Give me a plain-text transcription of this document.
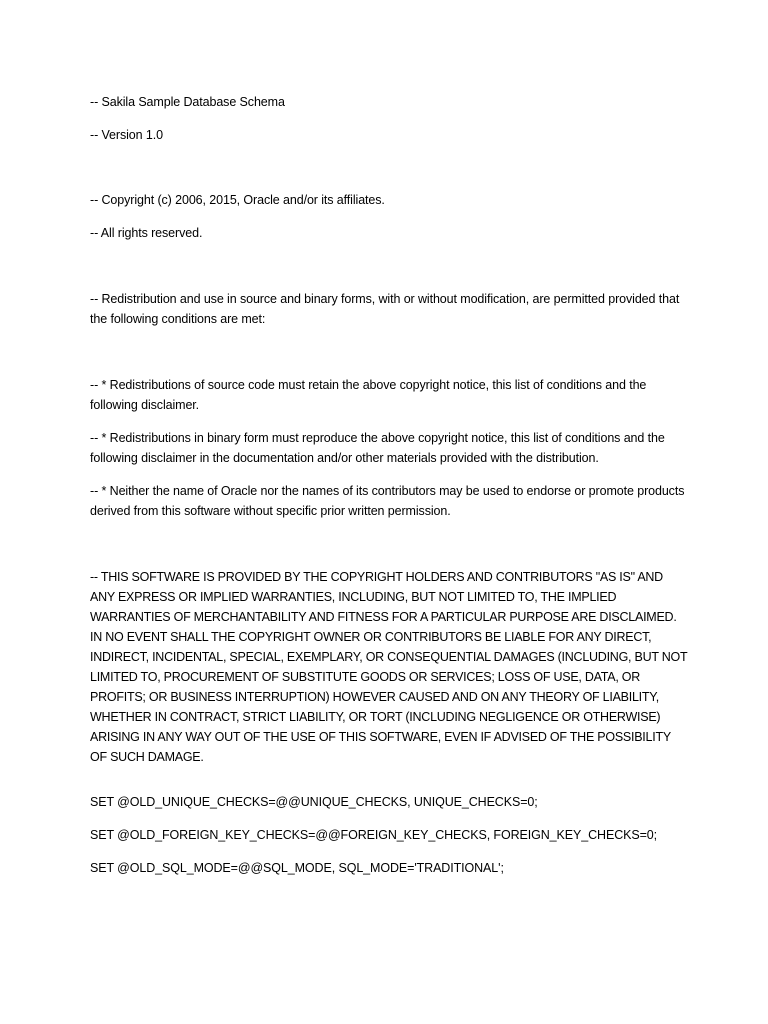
-- Sakila Sample Database Schema
-- Version 1.0
-- Copyright (c) 2006, 2015, Oracle and/or its affiliates.
-- All rights reserved.
-- Redistribution and use in source and binary forms, with or without modification, are permitted provided that the following conditions are met:
-- * Redistributions of source code must retain the above copyright notice, this list of conditions and the following disclaimer.
-- * Redistributions in binary form must reproduce the above copyright notice, this list of conditions and the following disclaimer in the documentation and/or other materials provided with the distribution.
-- * Neither the name of Oracle nor the names of its contributors may be used to endorse or promote products derived from this software without specific prior written permission.
-- THIS SOFTWARE IS PROVIDED BY THE COPYRIGHT HOLDERS AND CONTRIBUTORS "AS IS" AND ANY EXPRESS OR IMPLIED WARRANTIES, INCLUDING, BUT NOT LIMITED TO, THE IMPLIED WARRANTIES OF MERCHANTABILITY AND FITNESS FOR A PARTICULAR PURPOSE ARE DISCLAIMED. IN NO EVENT SHALL THE COPYRIGHT OWNER OR CONTRIBUTORS BE LIABLE FOR ANY DIRECT, INDIRECT, INCIDENTAL, SPECIAL, EXEMPLARY, OR CONSEQUENTIAL DAMAGES (INCLUDING, BUT NOT LIMITED TO, PROCUREMENT OF SUBSTITUTE GOODS OR SERVICES; LOSS OF USE, DATA, OR PROFITS; OR BUSINESS INTERRUPTION) HOWEVER CAUSED AND ON ANY THEORY OF LIABILITY, WHETHER IN CONTRACT, STRICT LIABILITY, OR TORT (INCLUDING NEGLIGENCE OR OTHERWISE) ARISING IN ANY WAY OUT OF THE USE OF THIS SOFTWARE, EVEN IF ADVISED OF THE POSSIBILITY OF SUCH DAMAGE.
SET @OLD_UNIQUE_CHECKS=@@UNIQUE_CHECKS, UNIQUE_CHECKS=0;
SET @OLD_FOREIGN_KEY_CHECKS=@@FOREIGN_KEY_CHECKS, FOREIGN_KEY_CHECKS=0;
SET @OLD_SQL_MODE=@@SQL_MODE, SQL_MODE='TRADITIONAL';
